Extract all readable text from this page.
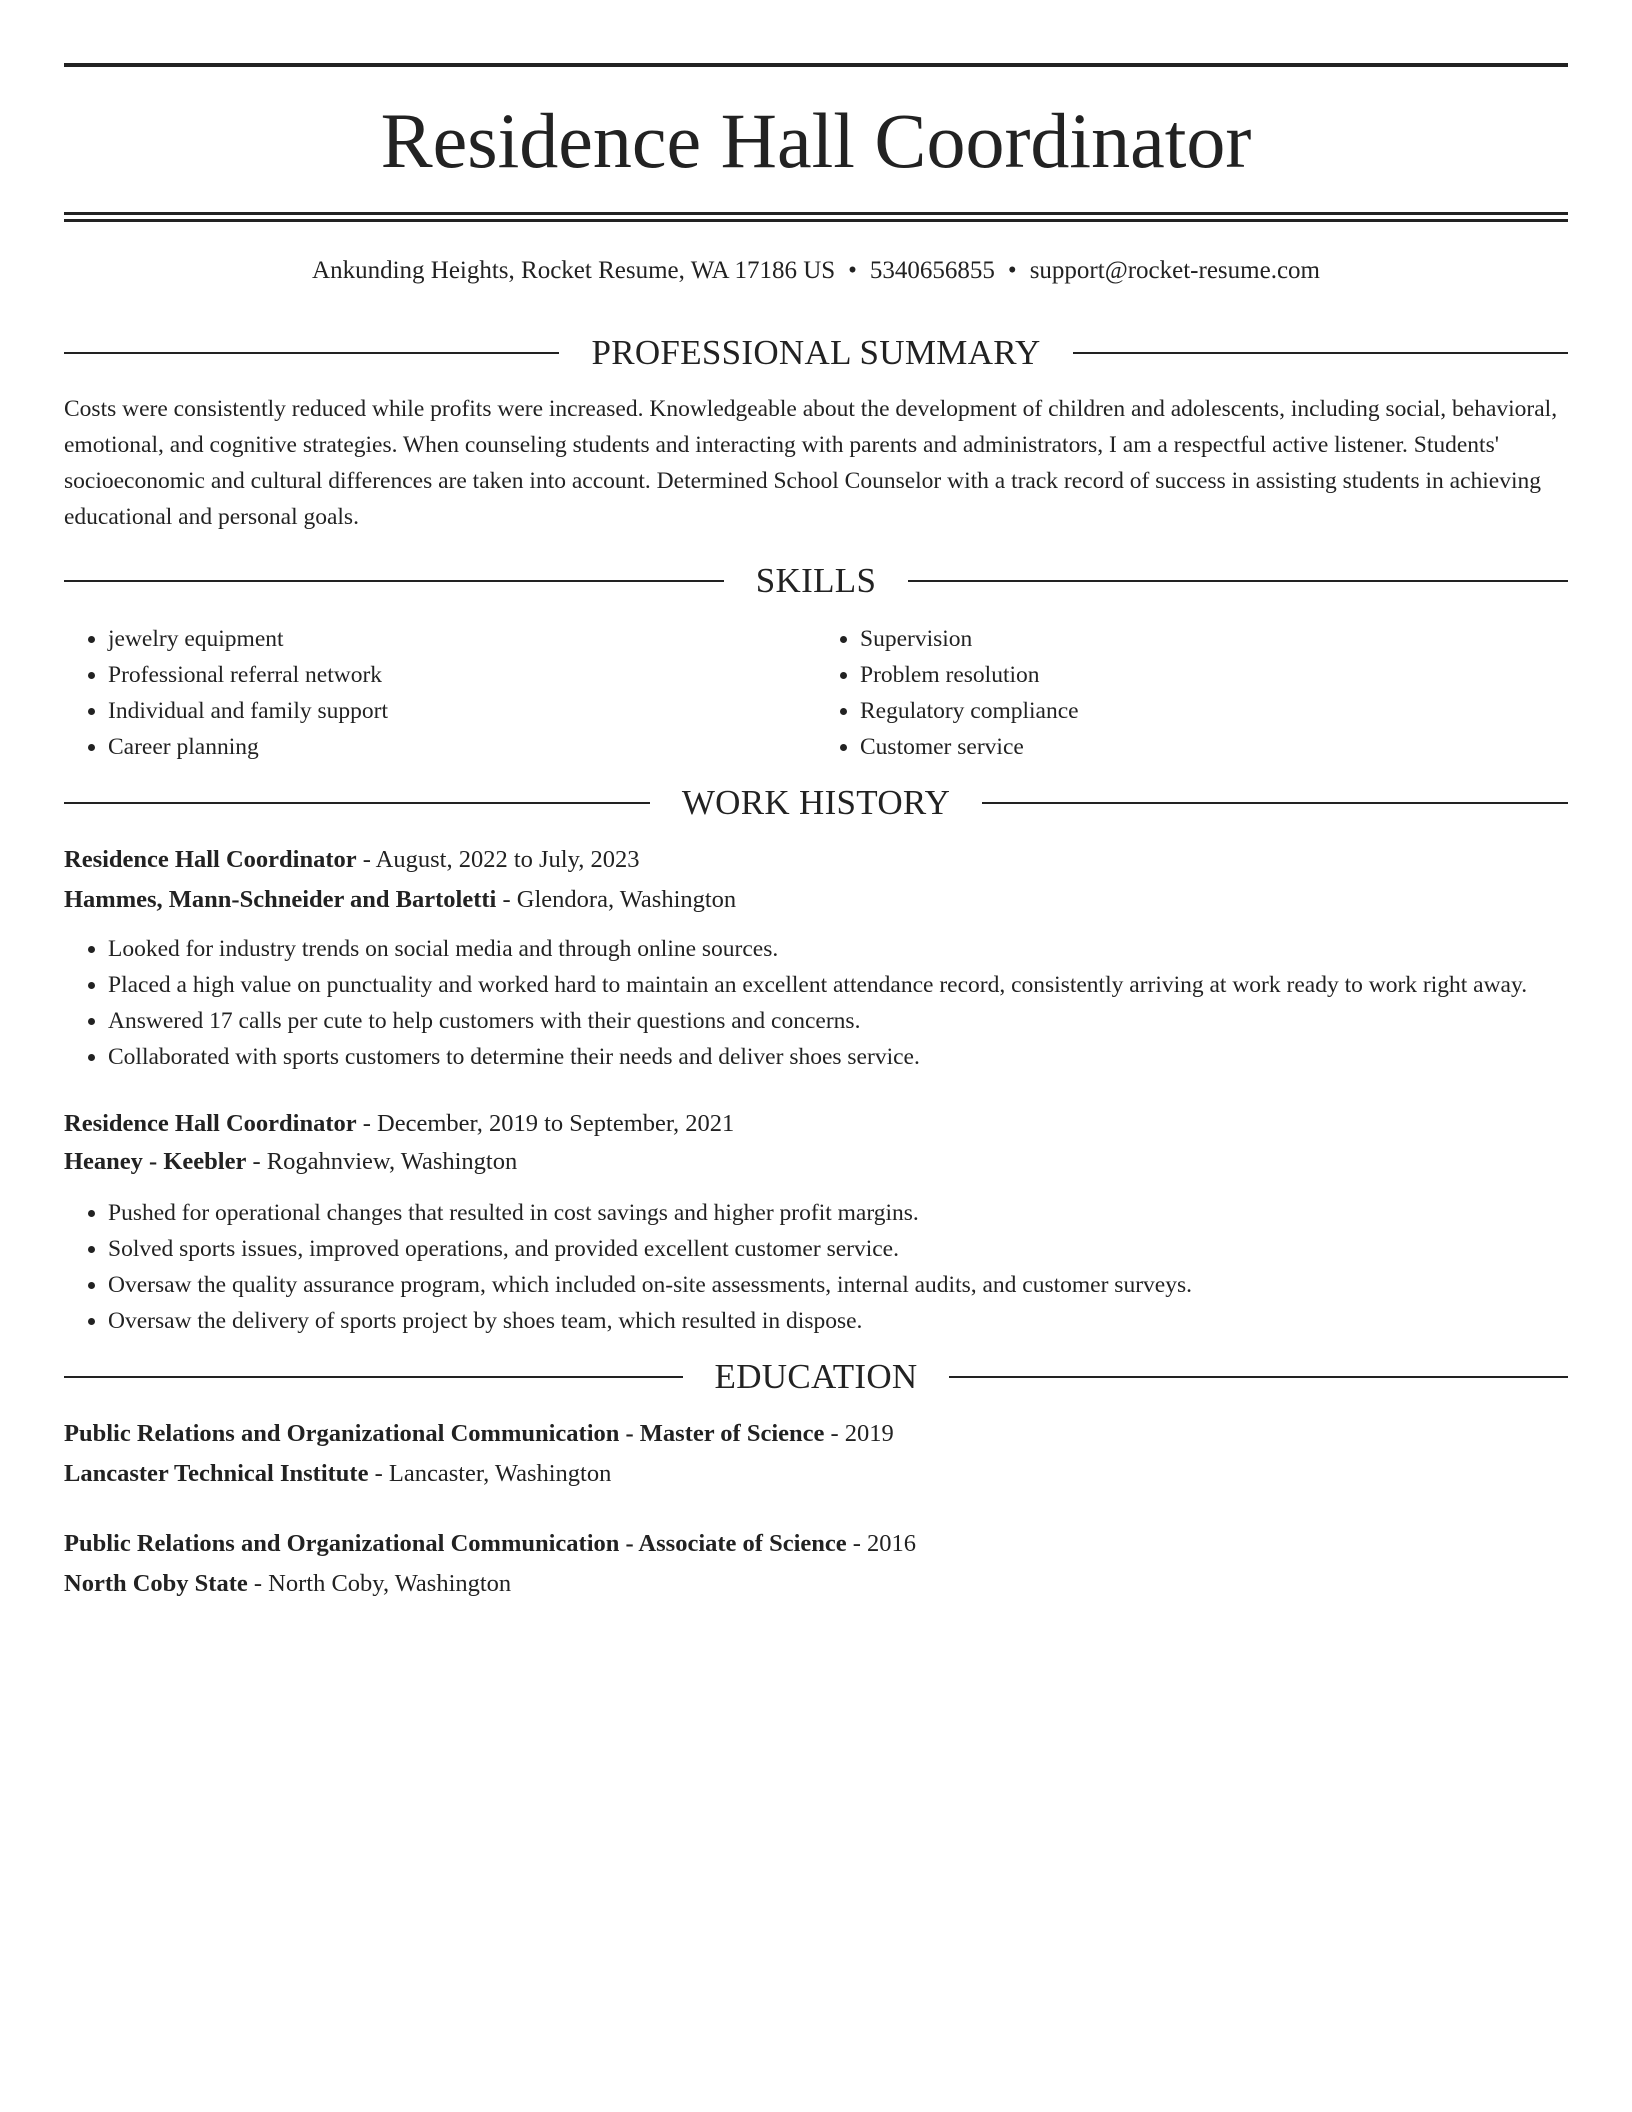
Residence Hall Coordinator
Ankunding Heights, Rocket Resume, WA 17186 US • 5340656855 • support@rocket-resume.com
PROFESSIONAL SUMMARY

Costs were consistently reduced while profits were increased. Knowledgeable about the development of children and adolescents, including social, behavioral, emotional, and cognitive strategies. When counseling students and interacting with parents and administrators, I am a respectful active listener. Students' socioeconomic and cultural differences are taken into account. Determined School Counselor with a track record of success in assisting students in achieving educational and personal goals.

SKILLS
• jewelry equipment
• Professional referral network
• Individual and family support
• Career planning
• Supervision
• Problem resolution
• Regulatory compliance
• Customer service
WORK HISTORY
Residence Hall Coordinator - August, 2022 to July, 2023
Hammes, Mann-Schneider and Bartoletti - Glendora, Washington
• Looked for industry trends on social media and through online sources.
• Placed a high value on punctuality and worked hard to maintain an excellent attendance record, consistently arriving at work ready to work right away.
• Answered 17 calls per cute to help customers with their questions and concerns.
• Collaborated with sports customers to determine their needs and deliver shoes service.
Residence Hall Coordinator - December, 2019 to September, 2021
Heaney - Keebler - Rogahnview, Washington
• Pushed for operational changes that resulted in cost savings and higher profit margins.
• Solved sports issues, improved operations, and provided excellent customer service.
• Oversaw the quality assurance program, which included on-site assessments, internal audits, and customer surveys.
• Oversaw the delivery of sports project by shoes team, which resulted in dispose.
EDUCATION
Public Relations and Organizational Communication - Master of Science - 2019
Lancaster Technical Institute - Lancaster, Washington
Public Relations and Organizational Communication - Associate of Science - 2016
North Coby State - North Coby, Washington
